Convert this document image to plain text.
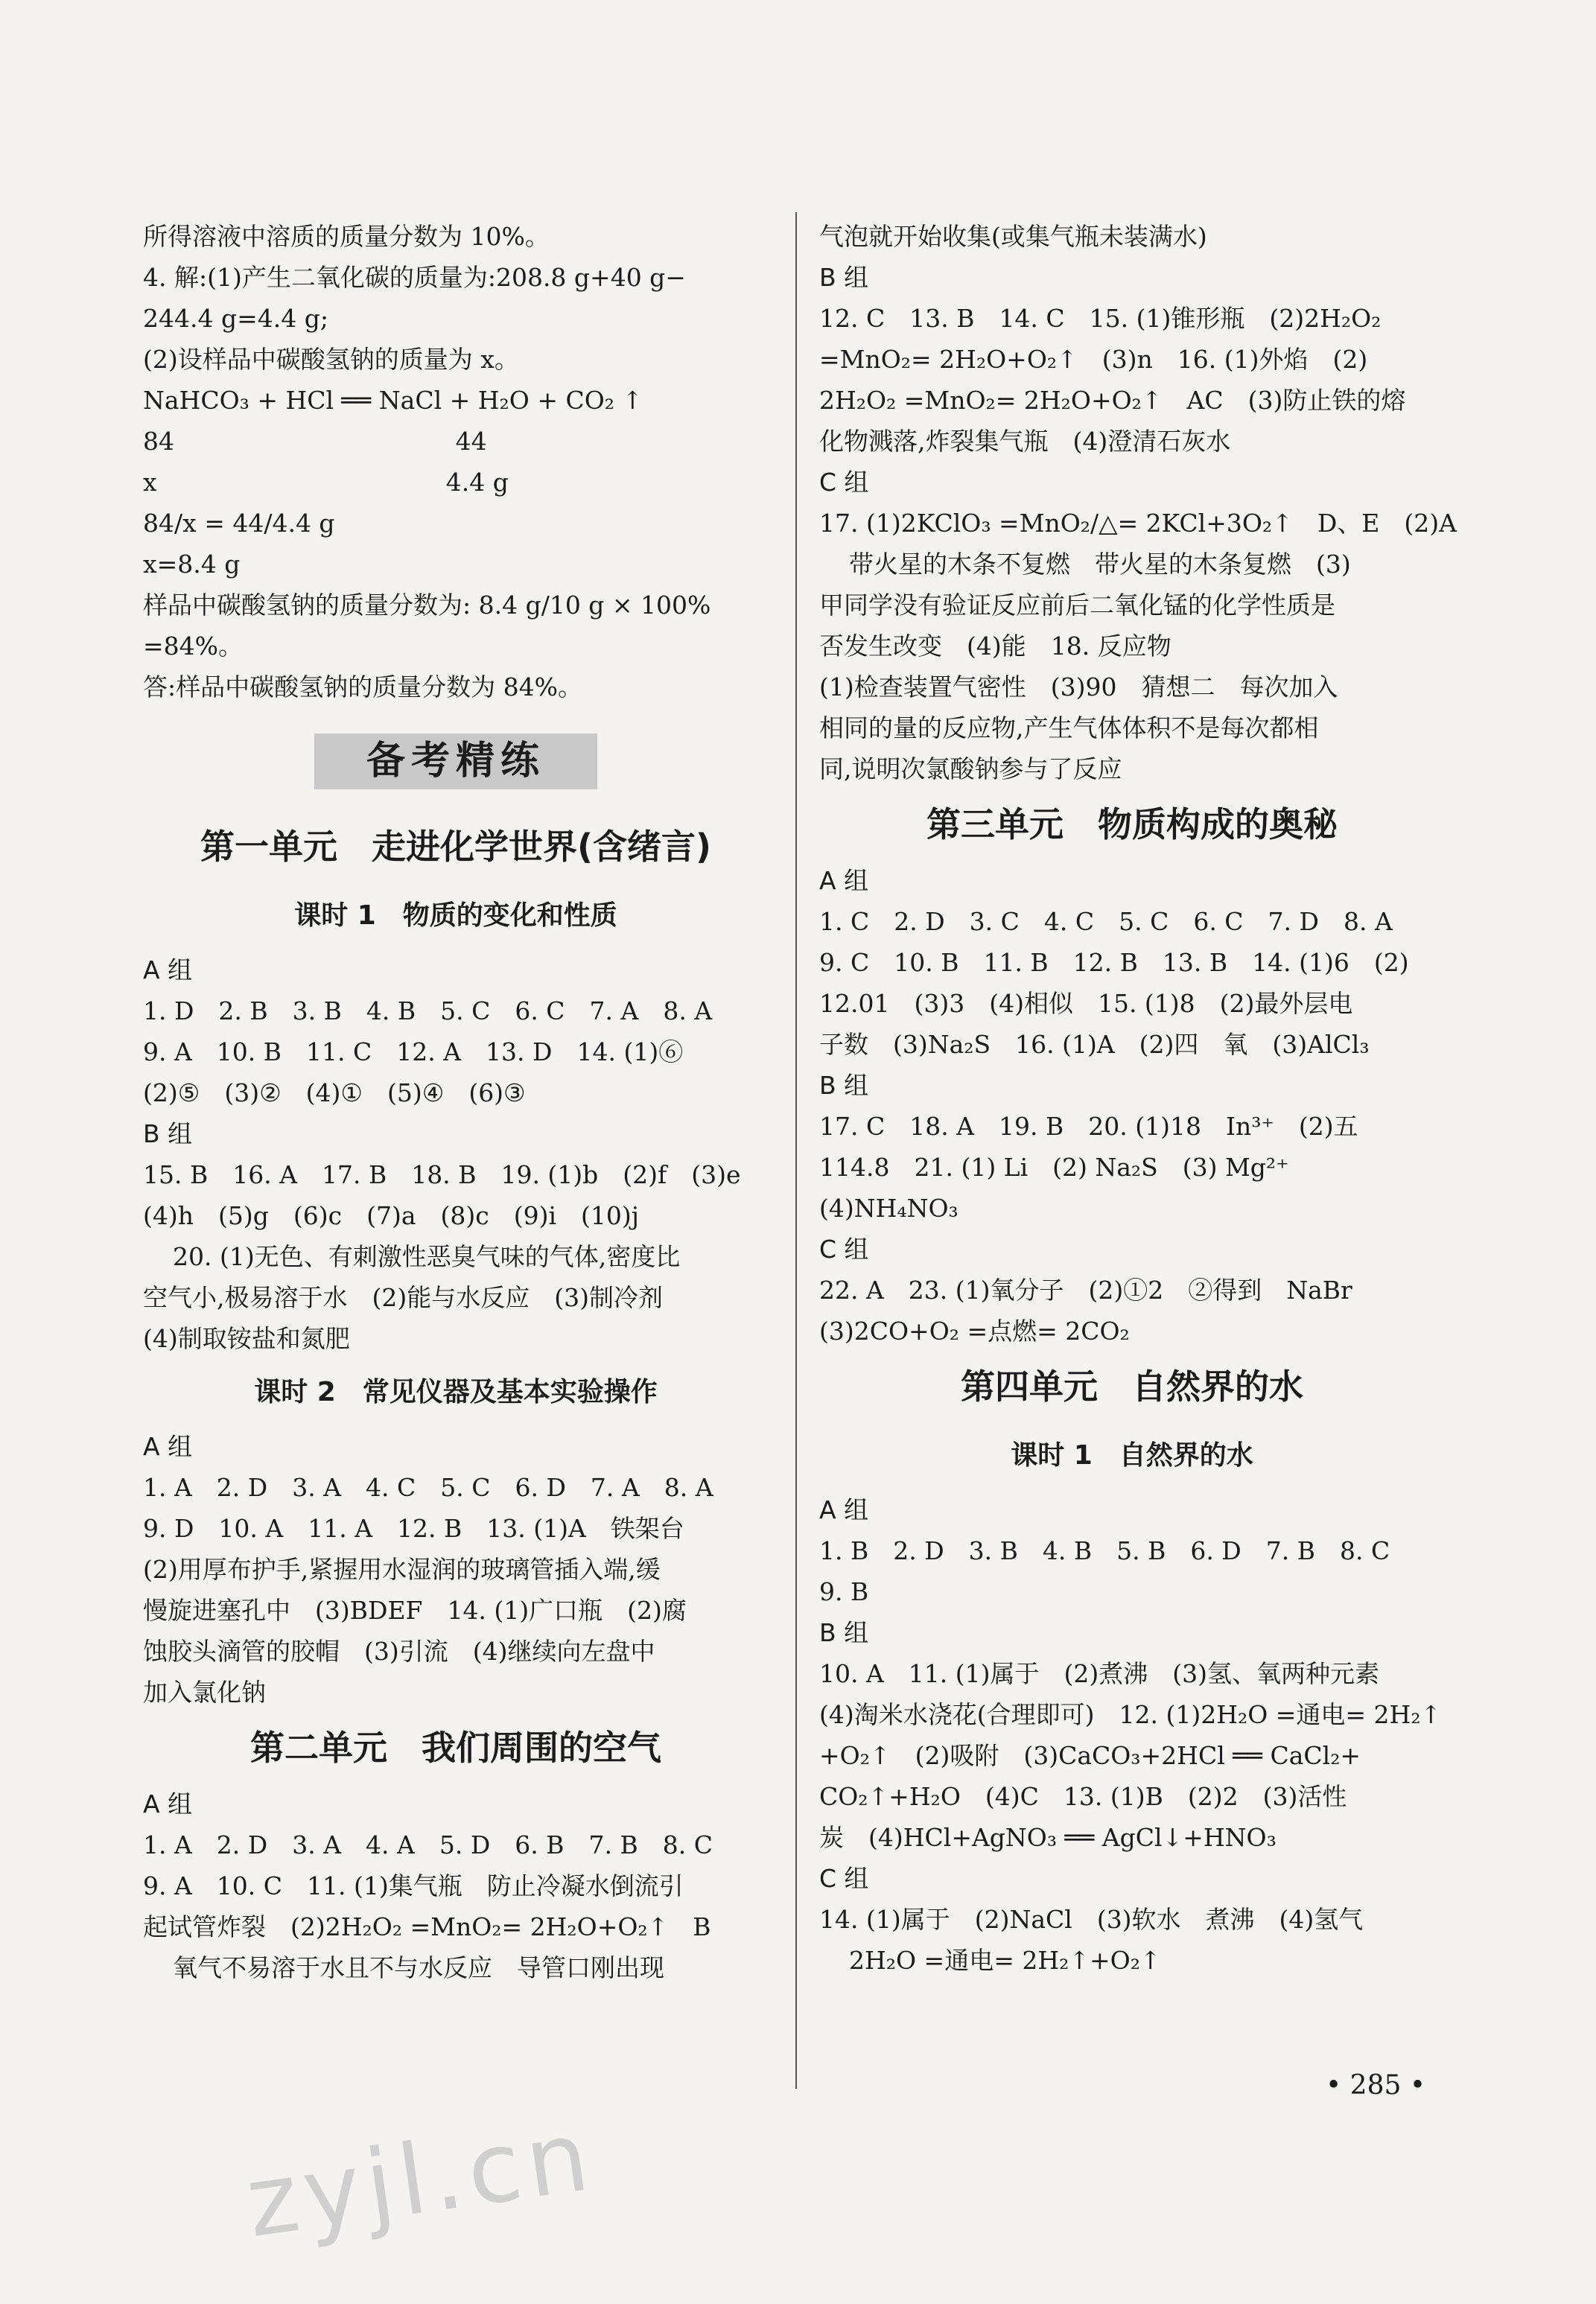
所得溶液中溶质的质量分数为 10%。
4. 解:(1)产生二氧化碳的质量为:208.8 g+40 g−
244.4 g=4.4 g;
(2)设样品中碳酸氢钠的质量为 x。
NaHCO₃ + HCl ══ NaCl + H₂O + CO₂ ↑
84                                    44
x                                     4.4 g
84/x = 44/4.4 g
x=8.4 g
样品中碳酸氢钠的质量分数为: 8.4 g/10 g × 100%
=84%。
答:样品中碳酸氢钠的质量分数为 84%。
备考精练
第一单元　走进化学世界(含绪言)
课时 1　物质的变化和性质
A 组
1. D　2. B　3. B　4. B　5. C　6. C　7. A　8. A
9. A　10. B　11. C　12. A　13. D　14. (1)⑥
(2)⑤　(3)②　(4)①　(5)④　(6)③
B 组
15. B　16. A　17. B　18. B　19. (1)b　(2)f　(3)e
(4)h　(5)g　(6)c　(7)a　(8)c　(9)i　(10)j
20. (1)无色、有刺激性恶臭气味的气体,密度比
空气小,极易溶于水　(2)能与水反应　(3)制冷剂
(4)制取铵盐和氮肥
课时 2　常见仪器及基本实验操作
A 组
1. A　2. D　3. A　4. C　5. C　6. D　7. A　8. A
9. D　10. A　11. A　12. B　13. (1)A　铁架台
(2)用厚布护手,紧握用水湿润的玻璃管插入端,缓
慢旋进塞孔中　(3)BDEF　14. (1)广口瓶　(2)腐
蚀胶头滴管的胶帽　(3)引流　(4)继续向左盘中
加入氯化钠
第二单元　我们周围的空气
A 组
1. A　2. D　3. A　4. A　5. D　6. B　7. B　8. C
9. A　10. C　11. (1)集气瓶　防止冷凝水倒流引
起试管炸裂　(2)2H₂O₂ =MnO₂= 2H₂O+O₂↑　B
氧气不易溶于水且不与水反应　导管口刚出现
气泡就开始收集(或集气瓶未装满水)
B 组
12. C　13. B　14. C　15. (1)锥形瓶　(2)2H₂O₂
=MnO₂= 2H₂O+O₂↑　(3)n　16. (1)外焰　(2)
2H₂O₂ =MnO₂= 2H₂O+O₂↑　AC　(3)防止铁的熔
化物溅落,炸裂集气瓶　(4)澄清石灰水
C 组
17. (1)2KClO₃ =MnO₂/△= 2KCl+3O₂↑　D、E　(2)A
带火星的木条不复燃　带火星的木条复燃　(3)
甲同学没有验证反应前后二氧化锰的化学性质是
否发生改变　(4)能　18. 反应物
(1)检查装置气密性　(3)90　猜想二　每次加入
相同的量的反应物,产生气体体积不是每次都相
同,说明次氯酸钠参与了反应
第三单元　物质构成的奥秘
A 组
1. C　2. D　3. C　4. C　5. C　6. C　7. D　8. A
9. C　10. B　11. B　12. B　13. B　14. (1)6　(2)
12.01　(3)3　(4)相似　15. (1)8　(2)最外层电
子数　(3)Na₂S　16. (1)A　(2)四　氧　(3)AlCl₃
B 组
17. C　18. A　19. B　20. (1)18　In³⁺　(2)五
114.8　21. (1) Li　(2) Na₂S　(3) Mg²⁺
(4)NH₄NO₃
C 组
22. A　23. (1)氧分子　(2)①2　②得到　NaBr
(3)2CO+O₂ =点燃= 2CO₂
第四单元　自然界的水
课时 1　自然界的水
A 组
1. B　2. D　3. B　4. B　5. B　6. D　7. B　8. C
9. B
B 组
10. A　11. (1)属于　(2)煮沸　(3)氢、氧两种元素
(4)淘米水浇花(合理即可)　12. (1)2H₂O =通电= 2H₂↑
+O₂↑　(2)吸附　(3)CaCO₃+2HCl ══ CaCl₂+
CO₂↑+H₂O　(4)C　13. (1)B　(2)2　(3)活性
炭　(4)HCl+AgNO₃ ══ AgCl↓+HNO₃
C 组
14. (1)属于　(2)NaCl　(3)软水　煮沸　(4)氢气
2H₂O =通电= 2H₂↑+O₂↑
• 285 •
zyjl.cn
